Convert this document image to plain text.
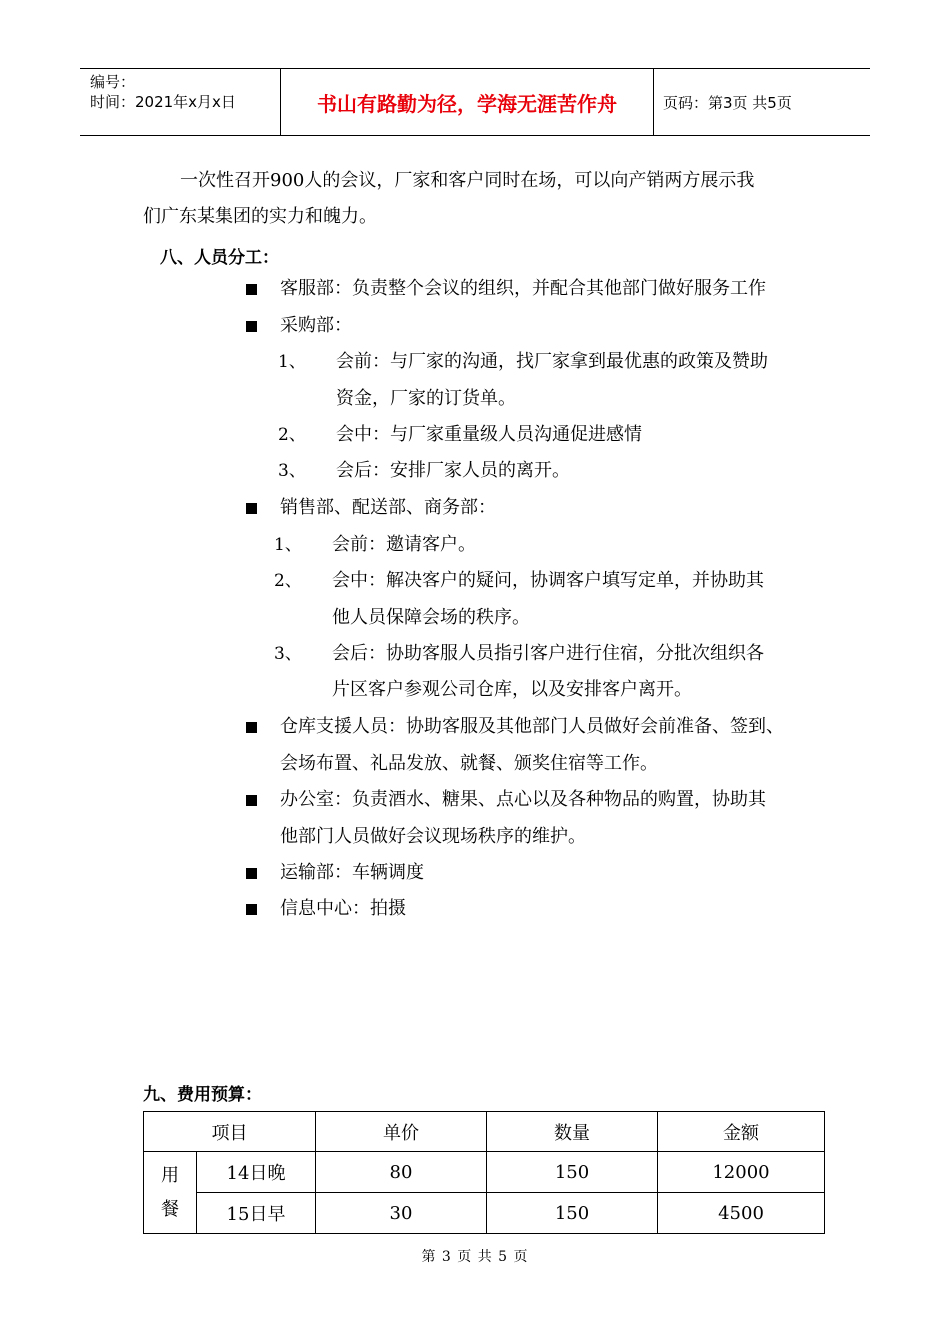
编号：
时间：2021年x月x日	书山有路勤为径，学海无涯苦作舟	页码：第3页 共5页
一次性召开900人的会议，厂家和客户同时在场，可以向产销两方展示我
们广东某集团的实力和魄力。
八、人员分工：
客服部：负责整个会议的组织，并配合其他部门做好服务工作
采购部：
1、 会前：与厂家的沟通，找厂家拿到最优惠的政策及赞助
资金，厂家的订货单。
2、 会中：与厂家重量级人员沟通促进感情
3、 会后：安排厂家人员的离开。
销售部、配送部、商务部：
1、 会前：邀请客户。
2、 会中：解决客户的疑问，协调客户填写定单，并协助其
他人员保障会场的秩序。
3、 会后：协助客服人员指引客户进行住宿，分批次组织各
片区客户参观公司仓库，以及安排客户离开。
仓库支援人员：协助客服及其他部门人员做好会前准备、签到、
会场布置、礼品发放、就餐、颁奖住宿等工作。
办公室：负责酒水、糖果、点心以及各种物品的购置，协助其
他部门人员做好会议现场秩序的维护。
运输部：车辆调度
信息中心：拍摄
九、费用预算：
项目		单价	数量	金额

用
餐	14日晚	80	150	12000
	15日早	30	150	4500
第 3 页 共 5 页
